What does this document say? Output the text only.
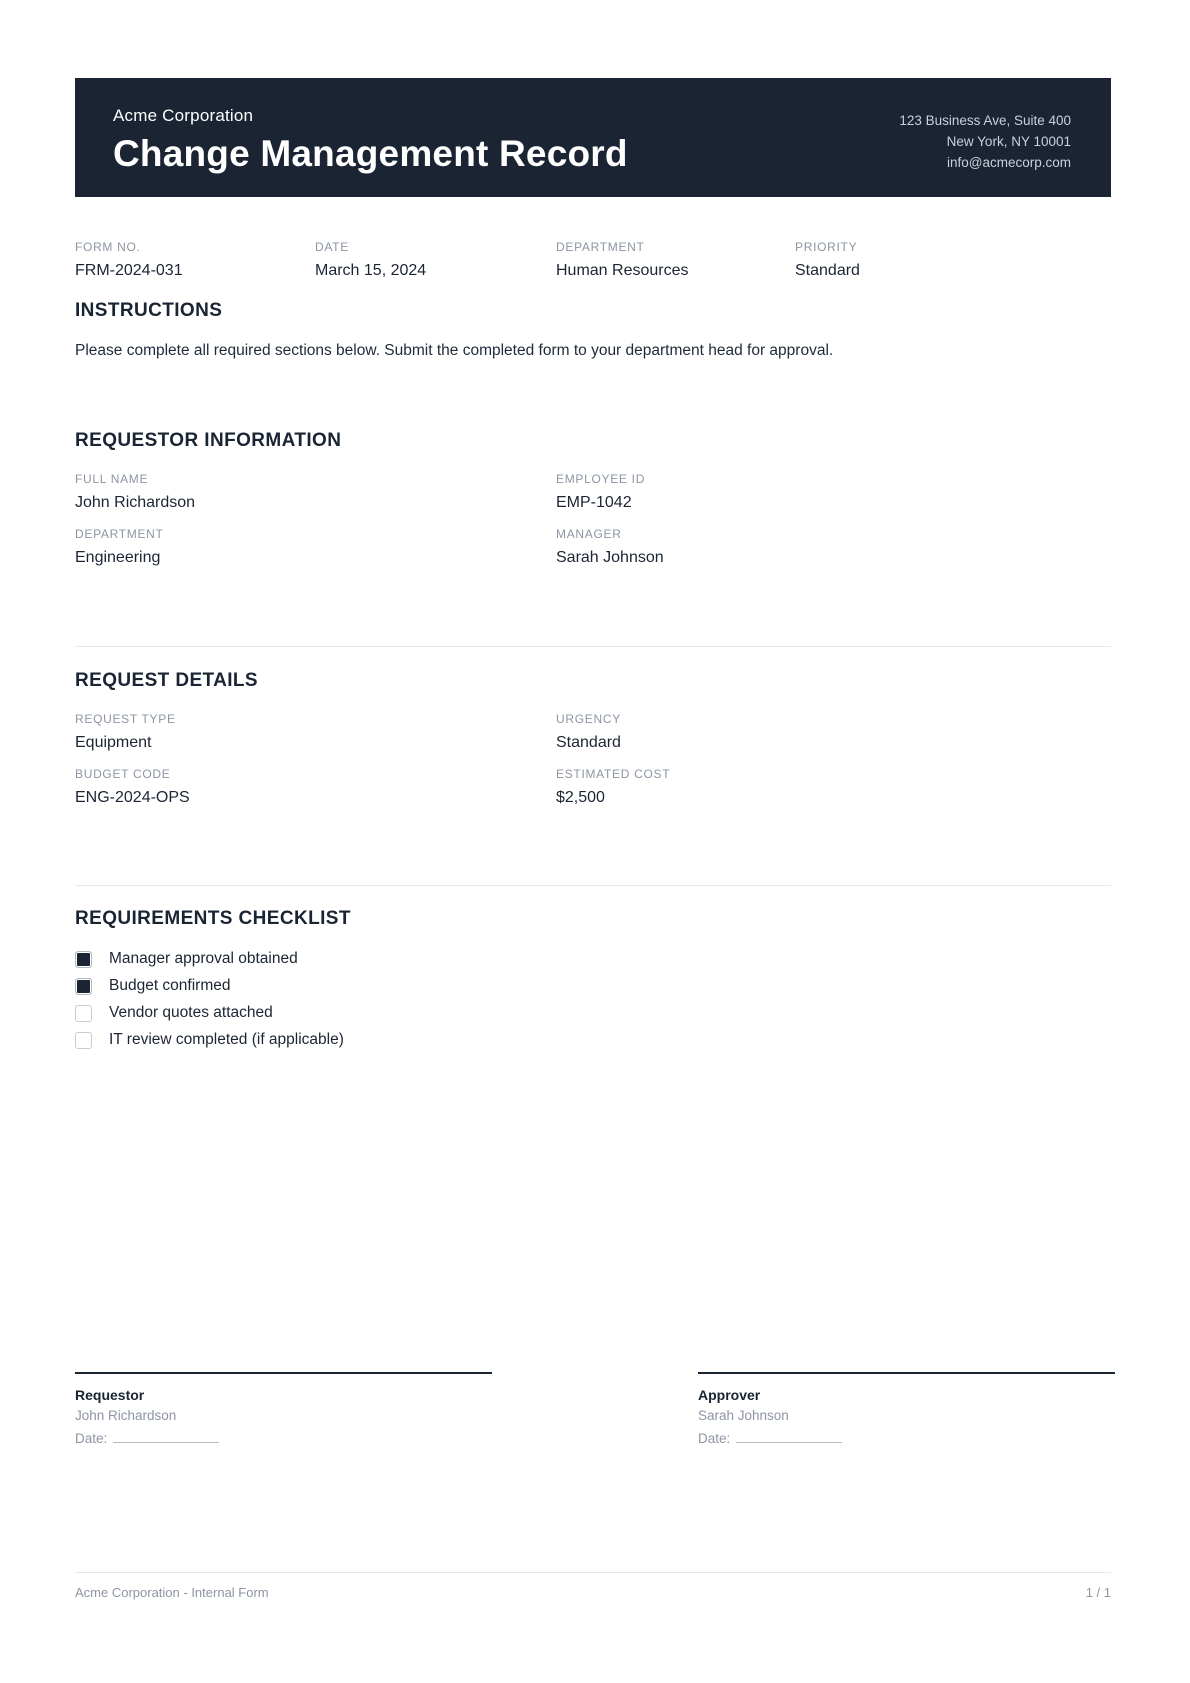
Acme Corporation
Change Management Record
123 Business Ave, Suite 400
New York, NY 10001
info@acmecorp.com
FORM NO.
FRM-2024-031
DATE
March 15, 2024
DEPARTMENT
Human Resources
PRIORITY
Standard
INSTRUCTIONS

Please complete all required sections below. Submit the completed form to your department head for approval.

REQUESTOR INFORMATION
FULL NAME
John Richardson
EMPLOYEE ID
EMP-1042
DEPARTMENT
Engineering
MANAGER
Sarah Johnson
REQUEST DETAILS
REQUEST TYPE
Equipment
URGENCY
Standard
BUDGET CODE
ENG-2024-OPS
ESTIMATED COST
$2,500
REQUIREMENTS CHECKLIST
Manager approval obtained
Budget confirmed
Vendor quotes attached
IT review completed (if applicable)
Requestor
John Richardson
Date:
Approver
Sarah Johnson
Date:
Acme Corporation - Internal Form	1 / 1
